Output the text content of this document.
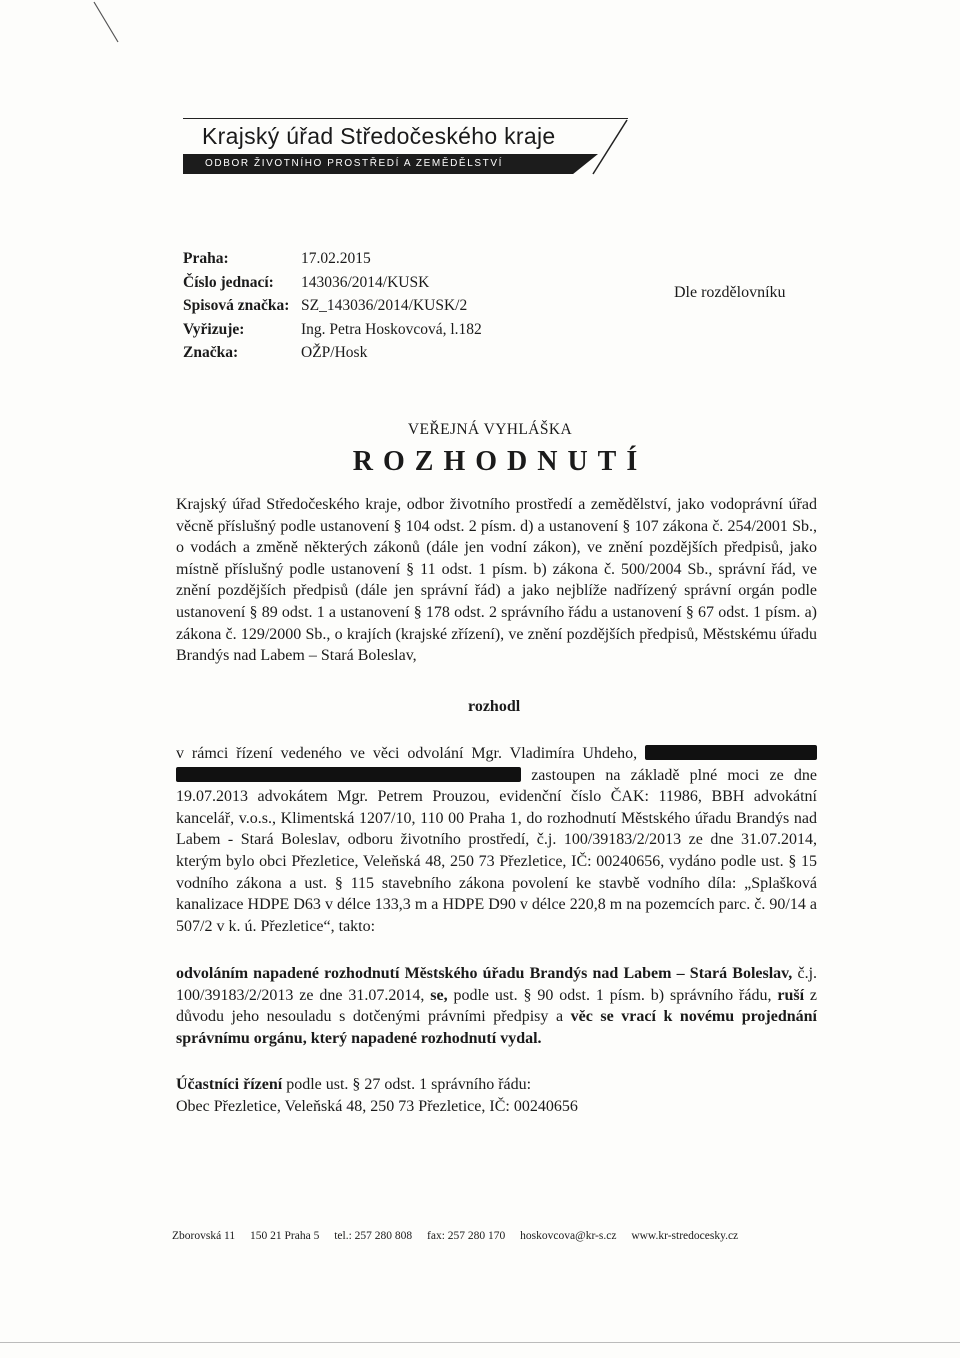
Krajský úřad Středočeského kraje
ODBOR ŽIVOTNÍHO PROSTŘEDÍ A ZEMĚDĚLSTVÍ
Praha:	17.02.2015
Číslo jednací: 143036/2014/KUSK
Spisová značka: SZ_143036/2014/KUSK/2
Vyřizuje:	Ing. Petra Hoskovcová, l.182
Značka:	OŽP/Hosk
Dle rozdělovníku
VEŘEJNÁ VYHLÁŠKA
ROZHODNUTÍ
Krajský úřad Středočeského kraje, odbor životního prostředí a zemědělství, jako vodoprávní úřad věcně příslušný podle ustanovení § 104 odst. 2 písm. d) a ustanovení § 107 zákona č. 254/2001 Sb., o vodách a změně některých zákonů (dále jen vodní zákon), ve znění pozdějších předpisů, jako místně příslušný podle ustanovení § 11 odst. 1 písm. b) zákona č. 500/2004 Sb., správní řád, ve znění pozdějších předpisů (dále jen správní řád) a jako nejblíže nadřízený správní orgán podle ustanovení § 89 odst. 1 a ustanovení § 178 odst. 2 správního řádu a ustanovení § 67 odst. 1 písm. a) zákona č. 129/2000 Sb., o krajích (krajské zřízení), ve znění pozdějších předpisů, Městskému úřadu Brandýs nad Labem – Stará Boleslav,
rozhodl
v rámci řízení vedeného ve věci odvolání Mgr. Vladimíra Uhdeho,   zastoupen na základě plné moci ze dne 19.07.2013 advokátem Mgr. Petrem Prouzou, evidenční číslo ČAK: 11986, BBH advokátní kancelář, v.o.s., Klimentská 1207/10, 110 00 Praha 1, do rozhodnutí Městského úřadu Brandýs nad Labem - Stará Boleslav, odboru životního prostředí, č.j. 100/39183/2/2013 ze dne 31.07.2014, kterým bylo obci Přezletice, Veleňská 48, 250 73 Přezletice, IČ: 00240656, vydáno podle ust. § 15 vodního zákona a ust. § 115 stavebního zákona povolení ke stavbě vodního díla: „Splašková kanalizace HDPE D63 v délce 133,3 m a HDPE D90 v délce 220,8 m na pozemcích parc. č. 90/14 a 507/2 v k. ú. Přezletice“, takto:
odvoláním napadené rozhodnutí Městského úřadu Brandýs nad Labem – Stará Boleslav, č.j. 100/39183/2/2013 ze dne 31.07.2014, se, podle ust. § 90 odst. 1 písm. b) správního řádu, ruší z důvodu jeho nesouladu s dotčenými právními předpisy a věc se vrací k novému projednání správnímu orgánu, který napadené rozhodnutí vydal.
Účastníci řízení podle ust. § 27 odst. 1 správního řádu:
Obec Přezletice, Veleňská 48, 250 73 Přezletice, IČ: 00240656
Zborovská 11 150 21 Praha 5 tel.: 257 280 808 fax: 257 280 170 hoskovcova@kr-s.cz www.kr-stredocesky.cz
